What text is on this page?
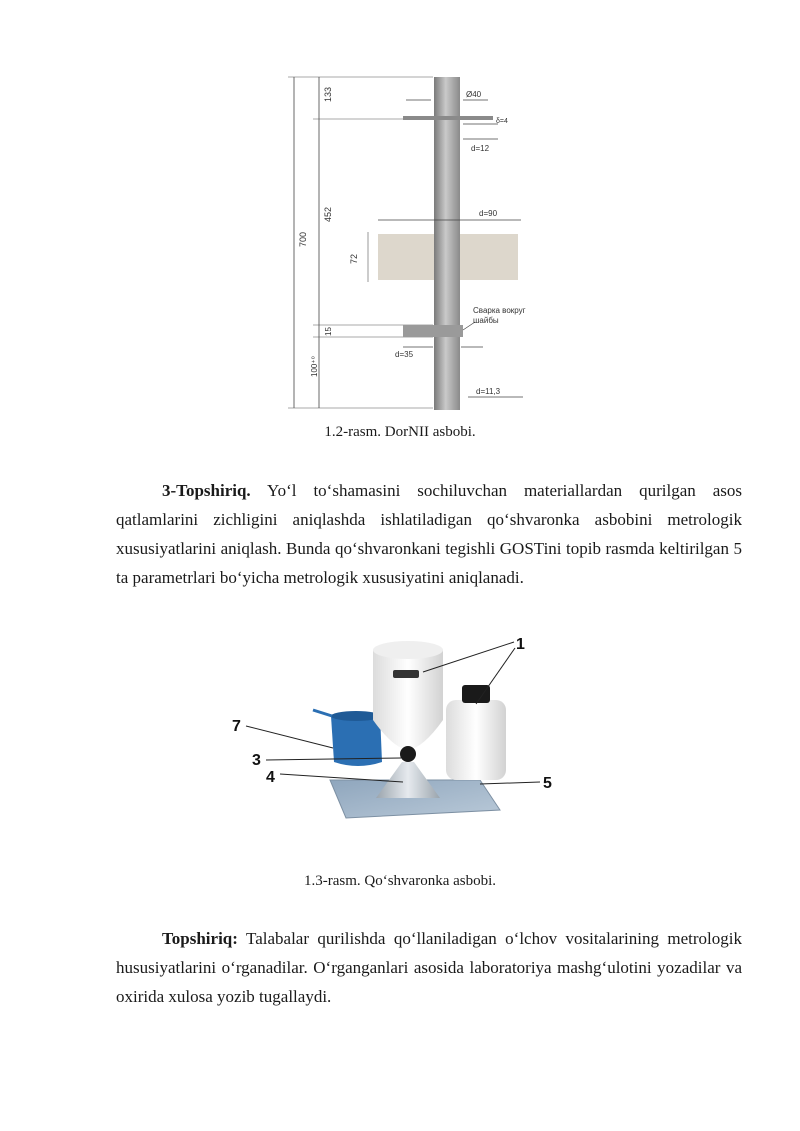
133
452
700
72
15
100⁺⁰
Ø40
δ=4
d=12
d=90
Сварка вокруг
шайбы
d=35
d=11,3
1.2-rasm. DorNII asbobi.

3-Topshiriq. Yo‘l to‘shamasini sochiluvchan materiallardan qurilgan asos qatlamlarini zichligini aniqlashda ishlatiladigan qo‘shvaronka asbobini metrologik xususiyatlarini aniqlash. Bunda qo‘shvaronkani tegishli GOSTini topib rasmda keltirilgan 5 ta parametrlari bo‘yicha metrologik xususiyatini aniqlanadi.

1
7
3
4	5
1.3-rasm. Qo‘shvaronka asbobi.

Topshiriq: Talabalar qurilishda qo‘llaniladigan o‘lchov vositalarining metrologik hususiyatlarini o‘rganadilar. O‘rganganlari asosida laboratoriya mashg‘ulotini yozadilar va oxirida xulosa yozib tugallaydi.
